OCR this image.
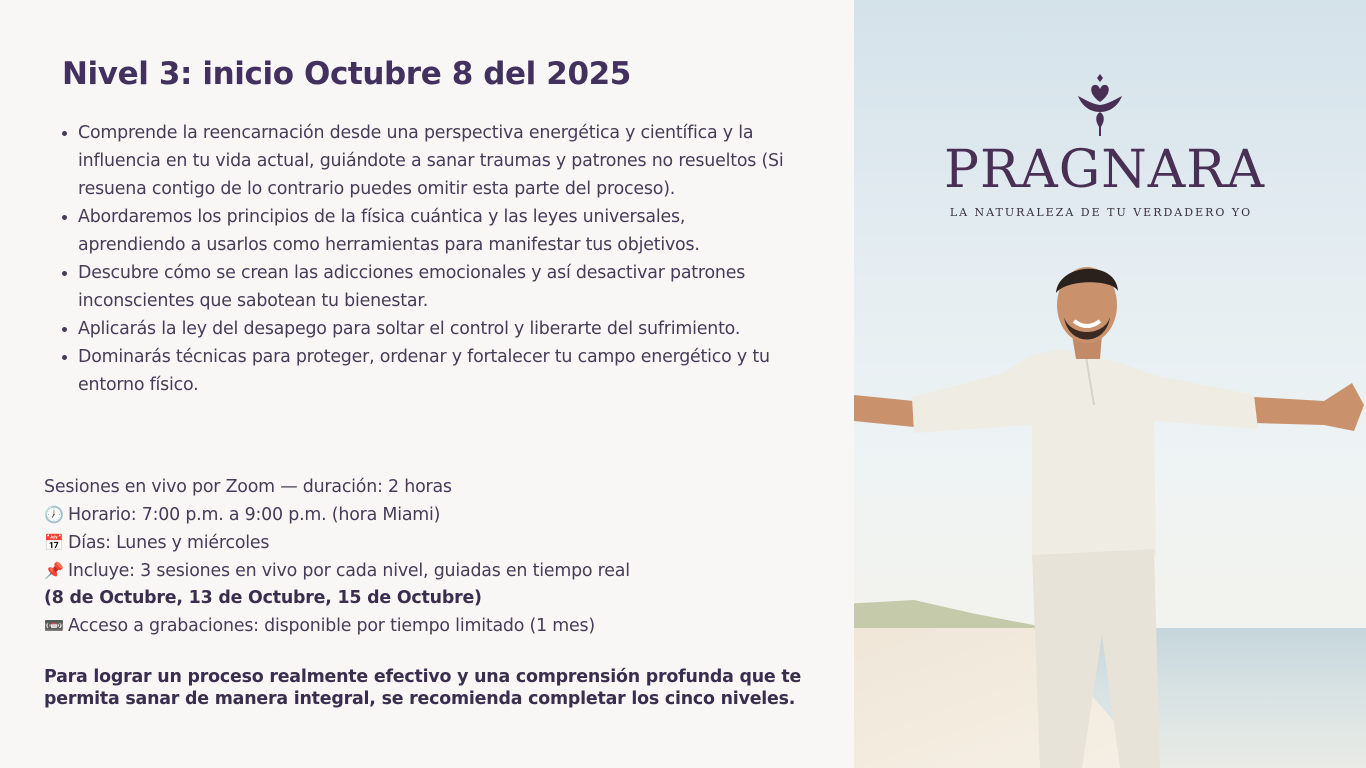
Nivel 3: inicio Octubre 8 del 2025
Comprende la reencarnación desde una perspectiva energética y científica y la influencia en tu vida actual, guiándote a sanar traumas y patrones no resueltos (Si resuena contigo de lo contrario puedes omitir esta parte del proceso).
Abordaremos los principios de la física cuántica y las leyes universales, aprendiendo a usarlos como herramientas para manifestar tus objetivos.
Descubre cómo se crean las adicciones emocionales y así desactivar patrones inconscientes que sabotean tu bienestar.
Aplicarás la ley del desapego para soltar el control y liberarte del sufrimiento.
Dominarás técnicas para proteger, ordenar y fortalecer tu campo energético y tu entorno físico.
Sesiones en vivo por Zoom — duración: 2 horas
🕖 Horario: 7:00 p.m. a 9:00 p.m. (hora Miami)
📅 Días: Lunes y miércoles
📌 Incluye: 3 sesiones en vivo por cada nivel, guiadas en tiempo real
(8 de Octubre, 13 de Octubre, 15 de Octubre)
📼 Acceso a grabaciones: disponible por tiempo limitado (1 mes)

Para lograr un proceso realmente efectivo y una comprensión profunda que te permita sanar de manera integral, se recomienda completar los cinco niveles.

PRAGNARA
LA NATURALEZA DE TU VERDADERO YO
